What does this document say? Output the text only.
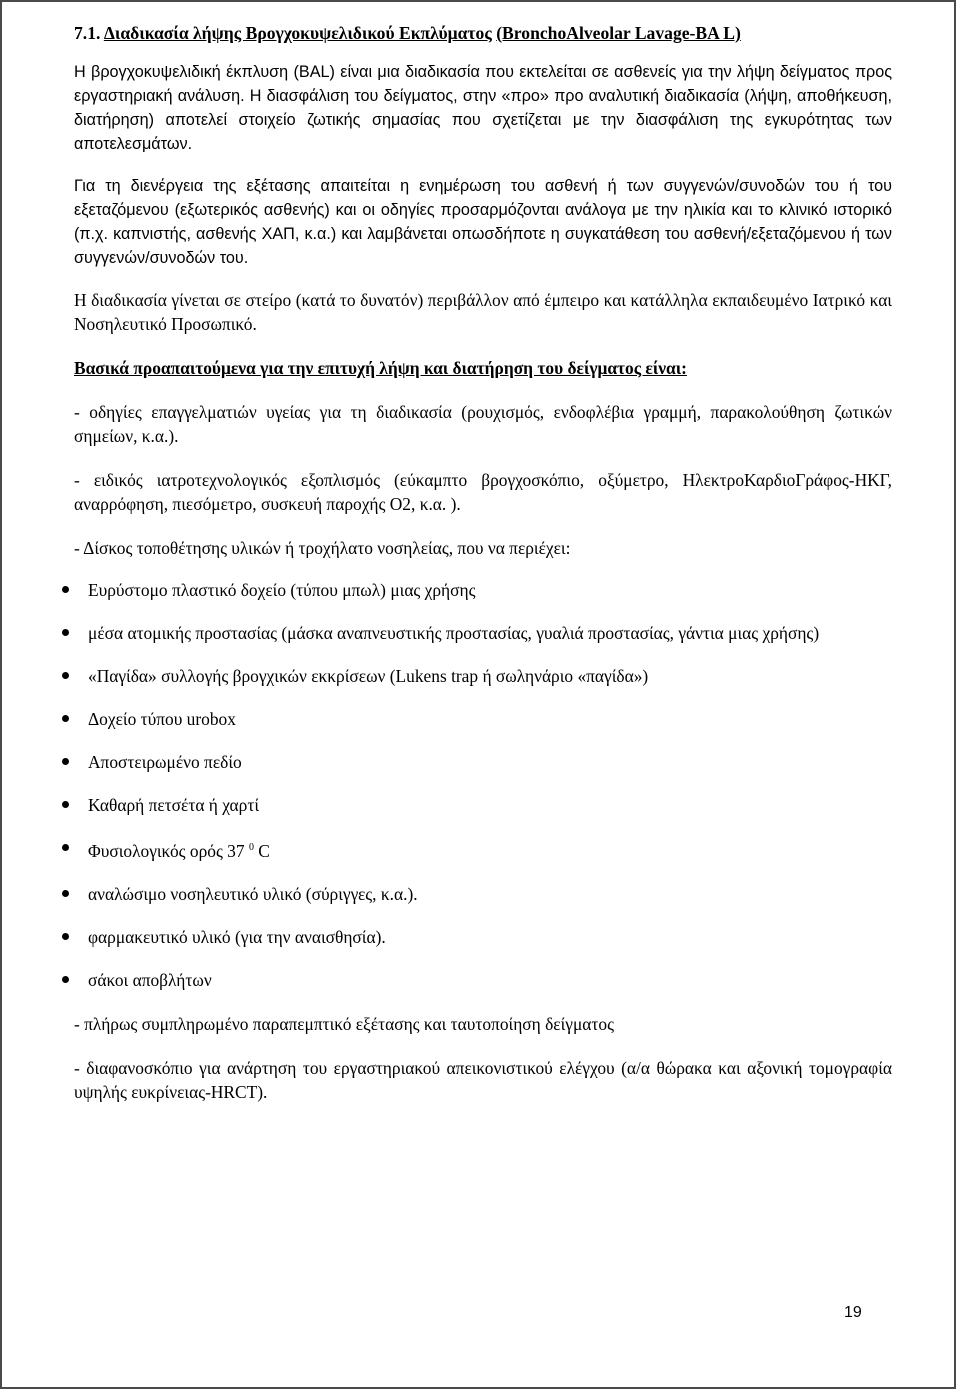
7.1. Διαδικασία λήψης Βρογχοκυψελιδικού Εκπλύματος (BronchoAlveolar Lavage-BA L)

Η βρογχοκυψελιδική έκπλυση (BAL) είναι μια διαδικασία που εκτελείται σε ασθενείς για την λήψη δείγματος προς εργαστηριακή ανάλυση. Η διασφάλιση του δείγματος, στην «προ» προ αναλυτική διαδικασία (λήψη, αποθήκευση, διατήρηση) αποτελεί στοιχείο ζωτικής σημασίας που σχετίζεται με την διασφάλιση της εγκυρότητας των αποτελεσμάτων.

Για τη διενέργεια της εξέτασης απαιτείται η ενημέρωση του ασθενή ή των συγγενών/συνοδών του ή του εξεταζόμενου (εξωτερικός ασθενής) και οι οδηγίες προσαρμόζονται ανάλογα με την ηλικία και το κλινικό ιστορικό (π.χ. καπνιστής, ασθενής ΧΑΠ, κ.α.) και λαμβάνεται οπωσδήποτε η συγκατάθεση του ασθενή/εξεταζόμενου ή των συγγενών/συνοδών του.

Η διαδικασία γίνεται σε στείρο (κατά το δυνατόν) περιβάλλον από έμπειρο και κατάλληλα εκπαιδευμένο Ιατρικό και Νοσηλευτικό Προσωπικό.

Βασικά προαπαιτούμενα για την επιτυχή λήψη και διατήρηση του δείγματος είναι:

- οδηγίες επαγγελματιών υγείας για τη διαδικασία (ρουχισμός, ενδοφλέβια γραμμή, παρακολούθηση ζωτικών σημείων, κ.α.).

- ειδικός ιατροτεχνολογικός εξοπλισμός (εύκαμπτο βρογχοσκόπιο, οξύμετρο, ΗλεκτροΚαρδιοΓράφος-ΗΚΓ, αναρρόφηση, πιεσόμετρο, συσκευή παροχής Ο2, κ.α. ).

- Δίσκος τοποθέτησης υλικών ή τροχήλατο νοσηλείας, που να περιέχει:

Ευρύστομο πλαστικό δοχείο (τύπου μπωλ) μιας χρήσης
μέσα ατομικής προστασίας (μάσκα αναπνευστικής προστασίας, γυαλιά προστασίας, γάντια μιας χρήσης)
«Παγίδα» συλλογής βρογχικών εκκρίσεων (Lukens trap ή σωληνάριο «παγίδα»)
Δοχείο τύπου urobox
Αποστειρωμένο πεδίο
Καθαρή πετσέτα ή χαρτί
Φυσιολογικός ορός 37 $^0$ C
αναλώσιμο νοσηλευτικό υλικό (σύριγγες, κ.α.).
φαρμακευτικό υλικό (για την αναισθησία).
σάκοι αποβλήτων

- πλήρως συμπληρωμένο παραπεμπτικό εξέτασης και ταυτοποίηση δείγματος

- διαφανοσκόπιο για ανάρτηση του εργαστηριακού απεικονιστικού ελέγχου (α/α θώρακα και αξονική τομογραφία υψηλής ευκρίνειας-HRCT).

19
